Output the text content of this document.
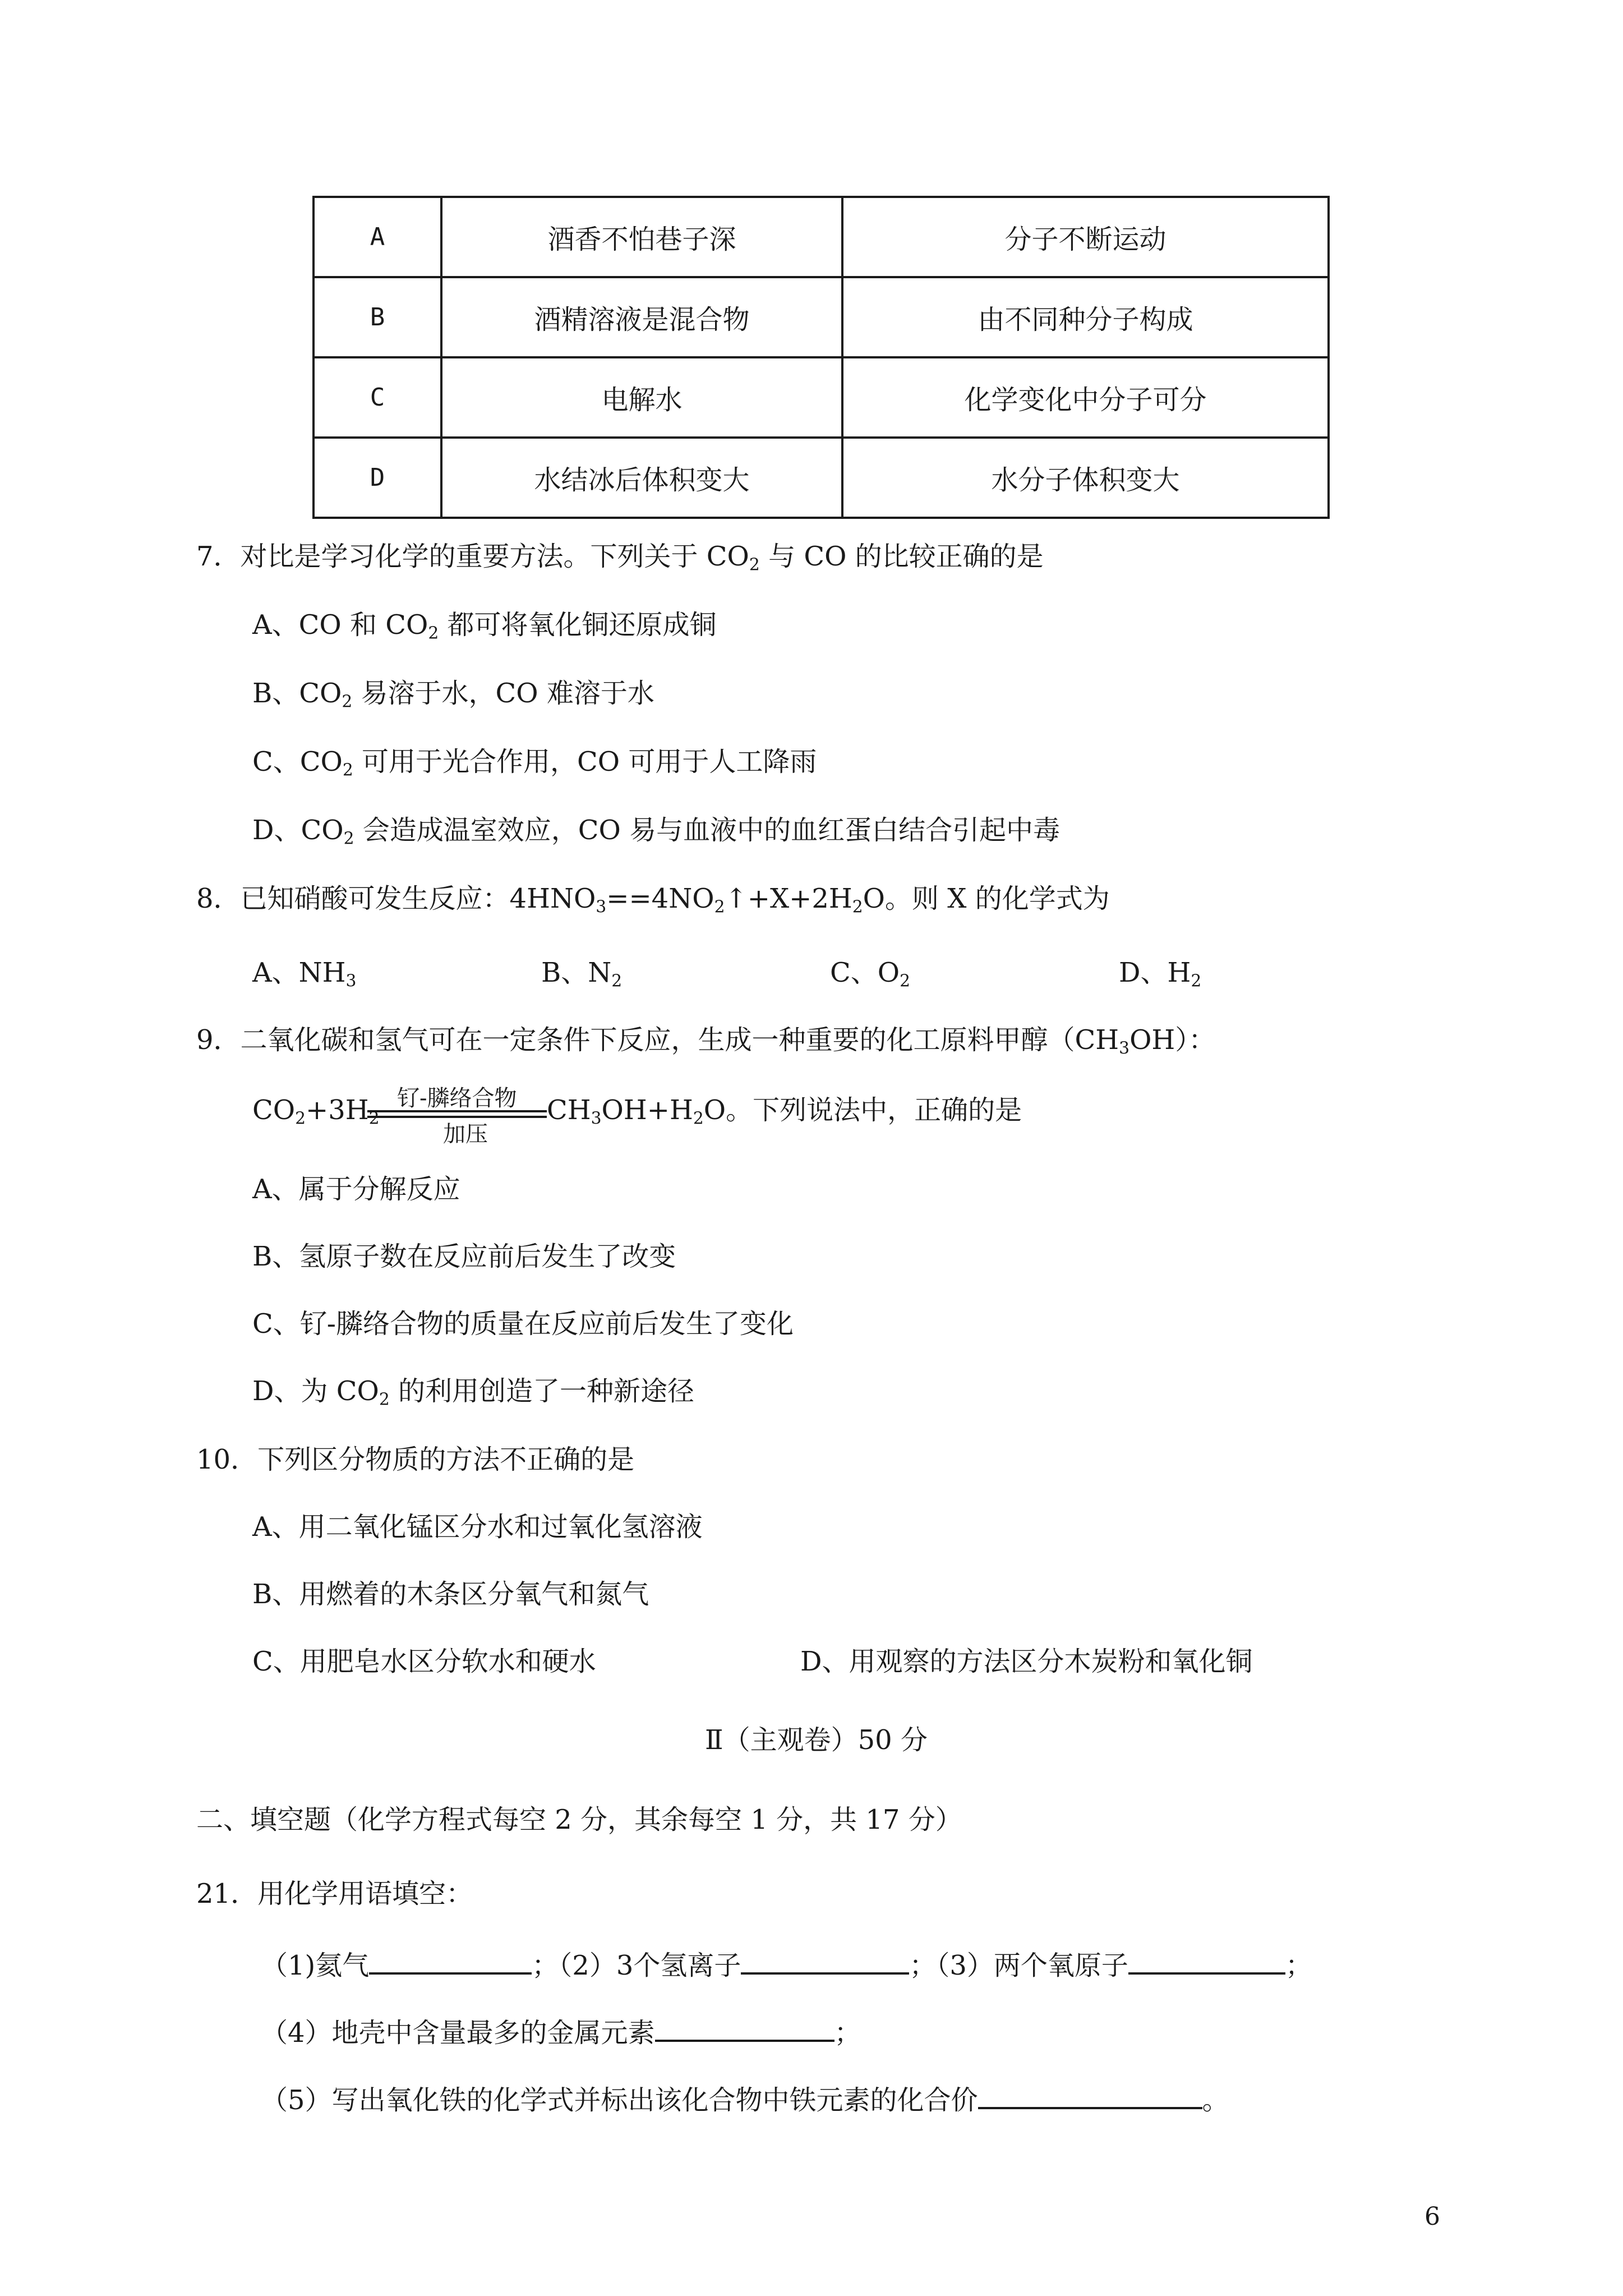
A	酒香不怕巷子深	分子不断运动
B	酒精溶液是混合物	由不同种分子构成
C	电解水	化学变化中分子可分
D	水结冰后体积变大	水分子体积变大
7．对比是学习化学的重要方法。下列关于 $CO_2$ 与 CO 的比较正确的是
A、CO 和 $CO_2$ 都可将氧化铜还原成铜
B、$CO_2$ 易溶于水，CO 难溶于水
C、$CO_2$ 可用于光合作用，CO 可用于人工降雨
D、$CO_2$ 会造成温室效应，CO 易与血液中的血红蛋白结合引起中毒
8．已知硝酸可发生反应：$4HNO_3==4NO_2↑+X+2H_2O$。则 X 的化学式为
A、$NH_3$	B、$N_2$	C、$O_2$	D、$H_2$
9．二氧化碳和氢气可在一定条件下反应，生成一种重要的化工原料甲醇$(CH_3OH)$：
$CO_2+3H_2$
钌-膦络合物
加压
$CH_3OH+H_2O$。下列说法中，正确的是
A、属于分解反应
B、氢原子数在反应前后发生了改变
C、钌-膦络合物的质量在反应前后发生了变化
D、为 $CO_2$ 的利用创造了一种新途径
10．下列区分物质的方法不正确的是
A、用二氧化锰区分水和过氧化氢溶液
B、用燃着的木条区分氧气和氮气
C、用肥皂水区分软水和硬水	D、用观察的方法区分木炭粉和氧化铜
Ⅱ（主观卷）50 分
二、填空题（化学方程式每空 2 分，其余每空 1 分，共 17 分）
21．用化学用语填空：
（1)氦气	；（2）3个氢离子	；（3）两个氧原子	；
（4）地壳中含量最多的金属元素	；
（5）写出氧化铁的化学式并标出该化合物中铁元素的化合价	。
6
